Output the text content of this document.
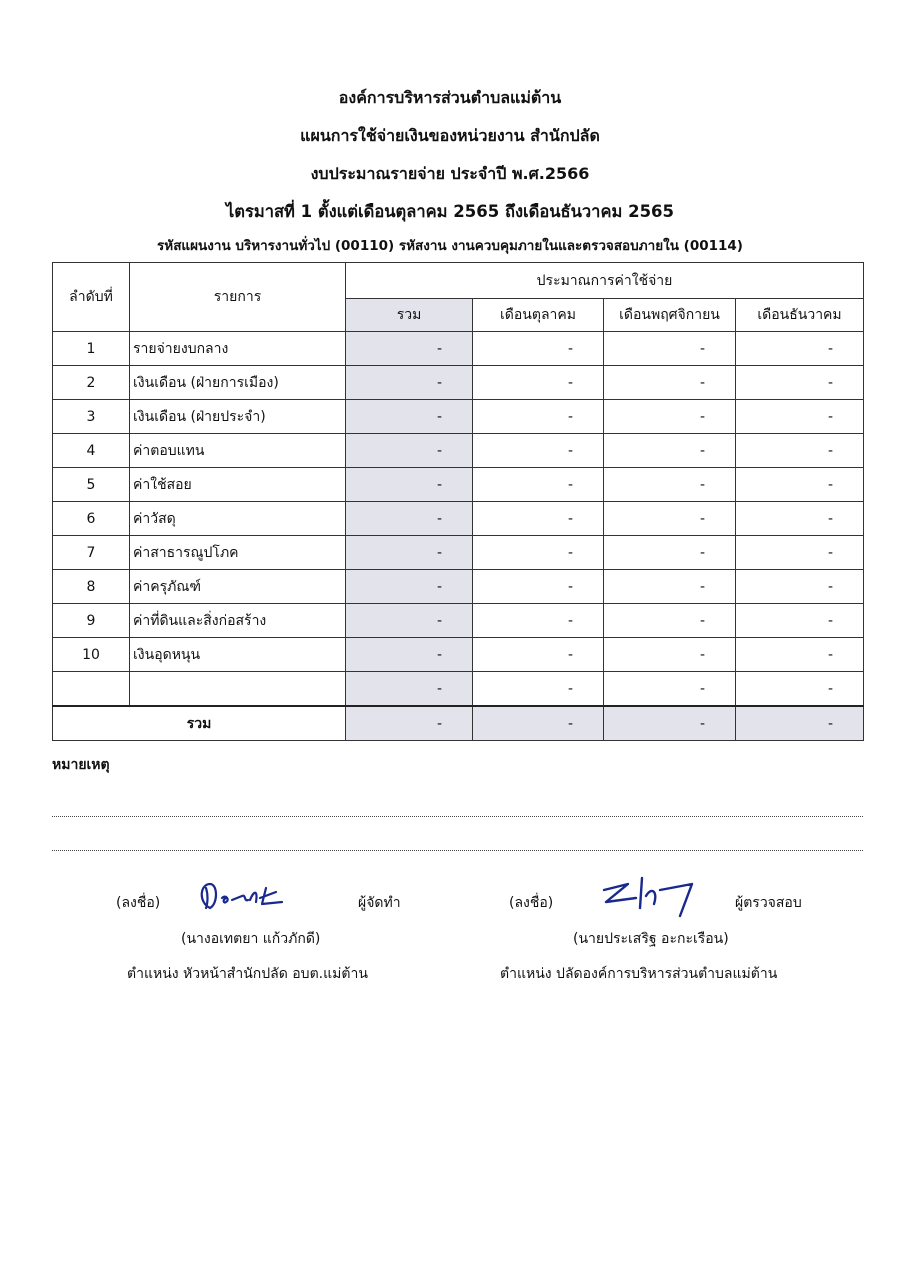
องค์การบริหารส่วนตำบลแม่ต้าน
แผนการใช้จ่ายเงินของหน่วยงาน สำนักปลัด
งบประมาณรายจ่าย ประจำปี พ.ศ.2566
ไตรมาสที่ 1 ตั้งแต่เดือนตุลาคม 2565 ถึงเดือนธันวาคม 2565
รหัสแผนงาน บริหารงานทั่วไป (00110) รหัสงาน งานควบคุมภายในและตรวจสอบภายใน (00114)
ลำดับที่	รายการ	ประมาณการค่าใช้จ่าย			
		รวม	เดือนตุลาคม	เดือนพฤศจิกายน	เดือนธันวาคม
1	รายจ่ายงบกลาง	-	-	-	-
2	เงินเดือน (ฝ่ายการเมือง)	-	-	-	-
3	เงินเดือน (ฝ่ายประจำ)	-	-	-	-
4	ค่าตอบแทน	-	-	-	-
5	ค่าใช้สอย	-	-	-	-
6	ค่าวัสดุ	-	-	-	-
7	ค่าสาธารณูปโภค	-	-	-	-
8	ค่าครุภัณฑ์	-	-	-	-
9	ค่าที่ดินและสิ่งก่อสร้าง	-	-	-	-
10	เงินอุดหนุน	-	-	-	-
		-	-	-	-
รวม		-	-	-	-
หมายเหตุ
(ลงชื่อ)	ผู้จัดทำ
(นางอเทตยา แก้วภักดี)
ตำแหน่ง หัวหน้าสำนักปลัด อบต.แม่ต้าน
(ลงชื่อ)	ผู้ตรวจสอบ
(นายประเสริฐ อะกะเรือน)
ตำแหน่ง ปลัดองค์การบริหารส่วนตำบลแม่ต้าน
